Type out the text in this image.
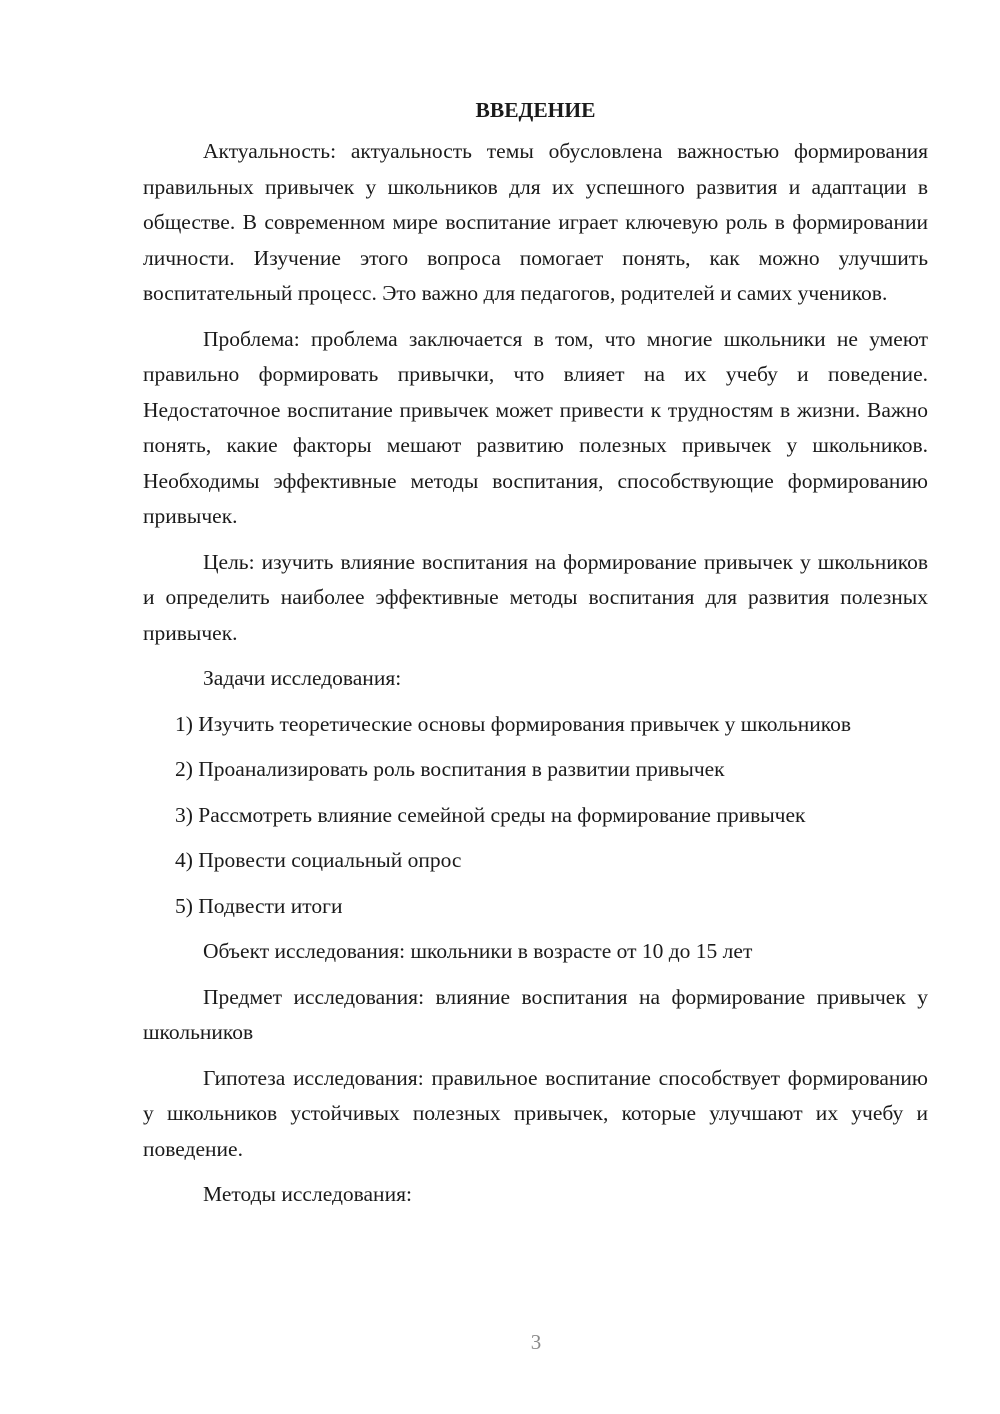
ВВЕДЕНИЕ

Актуальность: актуальность темы обусловлена важностью формирования правильных привычек у школьников для их успешного развития и адаптации в обществе. В современном мире воспитание играет ключевую роль в формировании личности. Изучение этого вопроса помогает понять, как можно улучшить воспитательный процесс. Это важно для педагогов, родителей и самих учеников.

Проблема: проблема заключается в том, что многие школьники не умеют правильно формировать привычки, что влияет на их учебу и поведение. Недостаточное воспитание привычек может привести к трудностям в жизни. Важно понять, какие факторы мешают развитию полезных привычек у школьников. Необходимы эффективные методы воспитания, способствующие формированию привычек.

Цель: изучить влияние воспитания на формирование привычек у школьников и определить наиболее эффективные методы воспитания для развития полезных привычек.

Задачи исследования:

1) Изучить теоретические основы формирования привычек у школьников

2) Проанализировать роль воспитания в развитии привычек

3) Рассмотреть влияние семейной среды на формирование привычек

4) Провести социальный опрос

5) Подвести итоги

Объект исследования: школьники в возрасте от 10 до 15 лет

Предмет исследования: влияние воспитания на формирование привычек у школьников

Гипотеза исследования: правильное воспитание способствует формированию у школьников устойчивых полезных привычек, которые улучшают их учебу и поведение.

Методы исследования:

3
